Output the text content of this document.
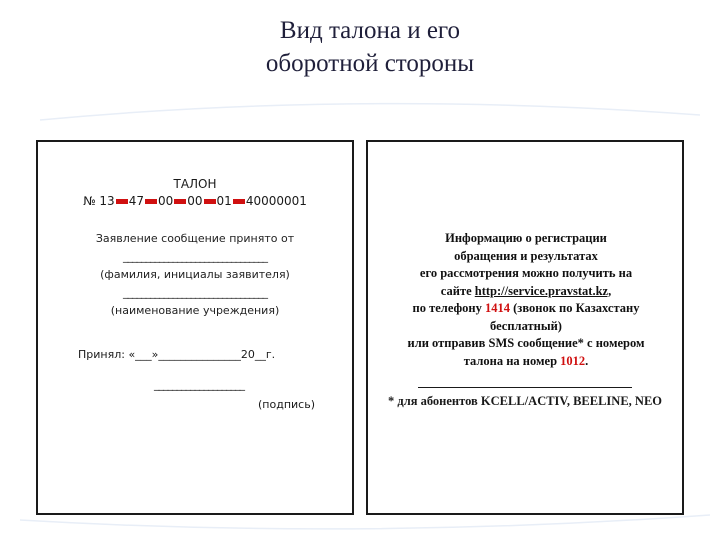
Вид талона и его
оборотной стороны
ТАЛОН
№ 13 47 00 00 01 40000001
Заявление сообщение принято от
________________________________
(фамилия, инициалы заявителя)
________________________________
(наименование учреждения)
Принял: «___»_______________20__г.
____________________
(подпись)
Информацию о регистрации
обращения и результатах
его рассмотрения можно получить на
сайте http://service.pravstat.kz,
по телефону 1414 (звонок по Казахстану
бесплатный)
или отправив SMS сообщение* с номером
талона на номер 1012.
* для абонентов KCELL/ACTIV, BEELINE, NEO
